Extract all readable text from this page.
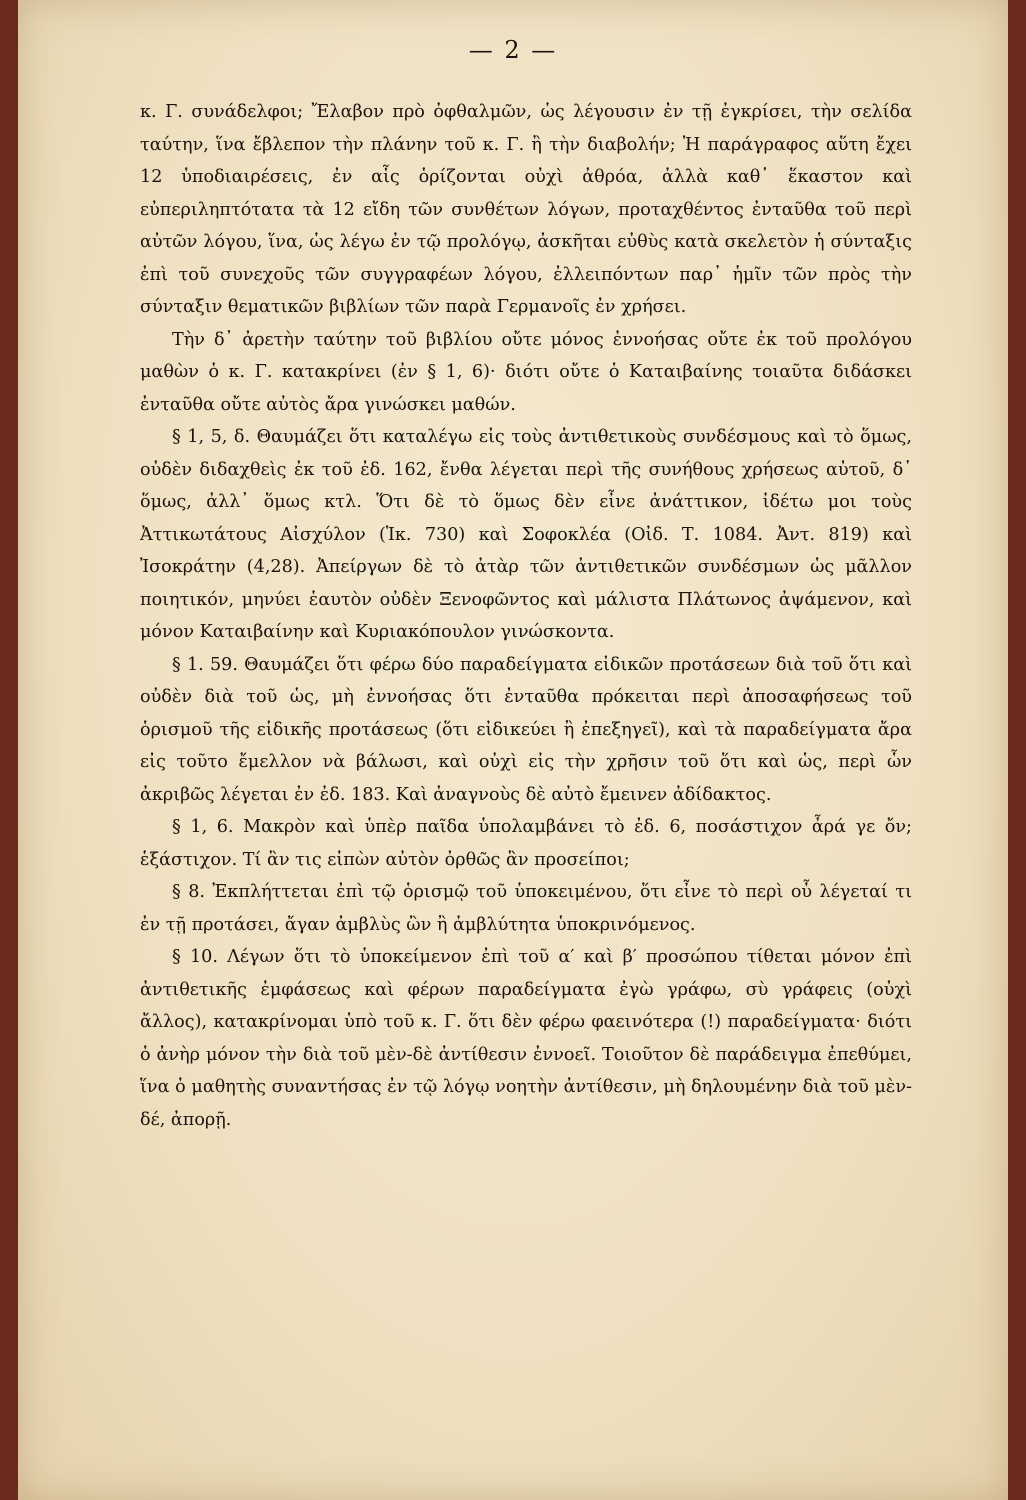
— 2 —

κ. Γ. συνάδελφοι; Ἔλαβον πρὸ ὀφθαλμῶν, ὡς λέγουσιν ἐν τῇ ἐγκρίσει, τὴν σελίδα ταύτην, ἵνα ἔβλεπον τὴν πλάνην τοῦ κ. Γ. ἢ τὴν διαβολήν; Ἡ παράγραφος αὕτη ἔχει 12 ὑποδιαιρέσεις, ἐν αἷς ὁρίζονται οὐχὶ ἀθρόα, ἀλλὰ καθ᾽ ἕκαστον καὶ εὐπεριληπτότατα τὰ 12 εἴδη τῶν συνθέτων λόγων, προταχθέντος ἐνταῦθα τοῦ περὶ αὐτῶν λόγου, ἵνα, ὡς λέγω ἐν τῷ προλόγῳ, ἀσκῆται εὐθὺς κατὰ σκελετὸν ἡ σύνταξις ἐπὶ τοῦ συνεχοῦς τῶν συγγραφέων λόγου, ἐλλειπόντων παρ᾽ ἡμῖν τῶν πρὸς τὴν σύνταξιν θεματικῶν βιβλίων τῶν παρὰ Γερμανοῖς ἐν χρήσει.

Τὴν δ᾽ ἀρετὴν ταύτην τοῦ βιβλίου οὔτε μόνος ἐννοήσας οὔτε ἐκ τοῦ προλόγου μαθὼν ὁ κ. Γ. κατακρίνει (ἐν § 1, 6)· διότι οὔτε ὁ Καταιβαίνης τοιαῦτα διδάσκει ἐνταῦθα οὔτε αὐτὸς ἄρα γινώσκει μαθών.

§ 1, 5, δ. Θαυμάζει ὅτι καταλέγω εἰς τοὺς ἀντιθετικοὺς συνδέσμους καὶ τὸ ὅμως, οὐδὲν διδαχθεὶς ἐκ τοῦ ἐδ. 162, ἔνθα λέγεται περὶ τῆς συνήθους χρήσεως αὐτοῦ, δ᾽ ὅμως, ἀλλ᾽ ὅμως κτλ. Ὅτι δὲ τὸ ὅμως δὲν εἶνε ἀνάττικον, ἰδέτω μοι τοὺς Ἀττικωτάτους Αἰσχύλον (Ἱκ. 730) καὶ Σοφοκλέα (Οἰδ. Τ. 1084. Ἀντ. 819) καὶ Ἰσοκράτην (4,28). Ἀπείργων δὲ τὸ ἀτὰρ τῶν ἀντιθετικῶν συνδέσμων ὡς μᾶλλον ποιητικόν, μηνύει ἑαυτὸν οὐδὲν Ξενοφῶντος καὶ μάλιστα Πλάτωνος ἀψάμενον, καὶ μόνον Καταιβαίνην καὶ Κυριακόπουλον γινώσκοντα.

§ 1. 59. Θαυμάζει ὅτι φέρω δύο παραδείγματα εἰδικῶν προτάσεων διὰ τοῦ ὅτι καὶ οὐδὲν διὰ τοῦ ὡς, μὴ ἐννοήσας ὅτι ἐνταῦθα πρόκειται περὶ ἀποσαφήσεως τοῦ ὁρισμοῦ τῆς εἰδικῆς προτάσεως (ὅτι εἰδικεύει ἢ ἐπεξηγεῖ), καὶ τὰ παραδείγματα ἄρα εἰς τοῦτο ἔμελλον νὰ βάλωσι, καὶ οὐχὶ εἰς τὴν χρῆσιν τοῦ ὅτι καὶ ὡς, περὶ ὧν ἀκριβῶς λέγεται ἐν ἐδ. 183. Καὶ ἀναγνοὺς δὲ αὐτὸ ἔμεινεν ἀδίδακτος.

§ 1, 6. Μακρὸν καὶ ὑπὲρ παῖδα ὑπολαμβάνει τὸ ἐδ. 6, ποσάστιχον ἆρά γε ὄν; ἑξάστιχον. Τί ἂν τις εἰπὼν αὐτὸν ὀρθῶς ἂν προσείποι;

§ 8. Ἐκπλήττεται ἐπὶ τῷ ὁρισμῷ τοῦ ὑποκειμένου, ὅτι εἶνε τὸ περὶ οὗ λέγεταί τι ἐν τῇ προτάσει, ἄγαν ἀμβλὺς ὢν ἢ ἀμβλύτητα ὑποκρινόμενος.

§ 10. Λέγων ὅτι τὸ ὑποκείμενον ἐπὶ τοῦ α′ καὶ β′ προσώπου τίθεται μόνον ἐπὶ ἀντιθετικῆς ἐμφάσεως καὶ φέρων παραδείγματα ἐγὼ γράφω, σὺ γράφεις (οὐχὶ ἄλλος), κατακρίνομαι ὑπὸ τοῦ κ. Γ. ὅτι δὲν φέρω φαεινότερα (!) παραδείγματα· διότι ὁ ἀνὴρ μόνον τὴν διὰ τοῦ μὲν-δὲ ἀντίθεσιν ἐννοεῖ. Τοιοῦτον δὲ παράδειγμα ἐπεθύμει, ἵνα ὁ μαθητὴς συναντήσας ἐν τῷ λόγῳ νοητὴν ἀντίθεσιν, μὴ δηλουμένην διὰ τοῦ μὲν-δέ, ἀπορῇ.
